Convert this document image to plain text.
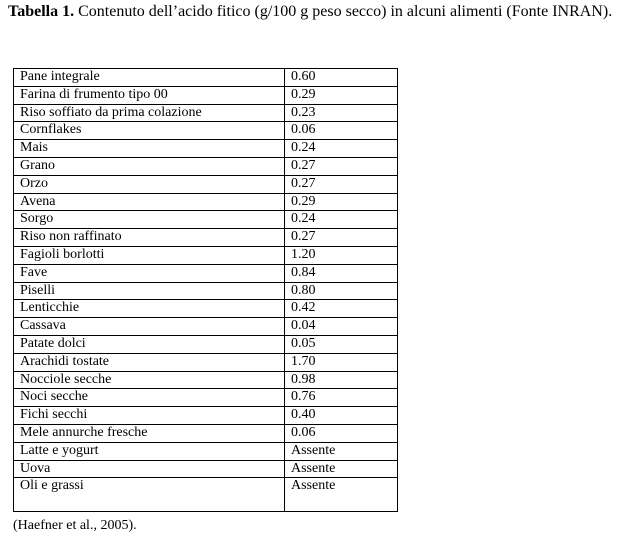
Tabella 1. Contenuto dell’acido fitico (g/100 g peso secco) in alcuni alimenti (Fonte INRAN).
Pane integrale	0.60
Farina di frumento tipo 00	0.29
Riso soffiato da prima colazione	0.23
Cornflakes	0.06
Mais	0.24
Grano	0.27
Orzo	0.27
Avena	0.29
Sorgo	0.24
Riso non raffinato	0.27
Fagioli borlotti	1.20
Fave	0.84
Piselli	0.80
Lenticchie	0.42
Cassava	0.04
Patate dolci	0.05
Arachidi tostate	1.70
Nocciole secche	0.98
Noci secche	0.76
Fichi secchi	0.40
Mele annurche fresche	0.06
Latte e yogurt	Assente
Uova	Assente
Oli e grassi	Assente
(Haefner et al., 2005).
